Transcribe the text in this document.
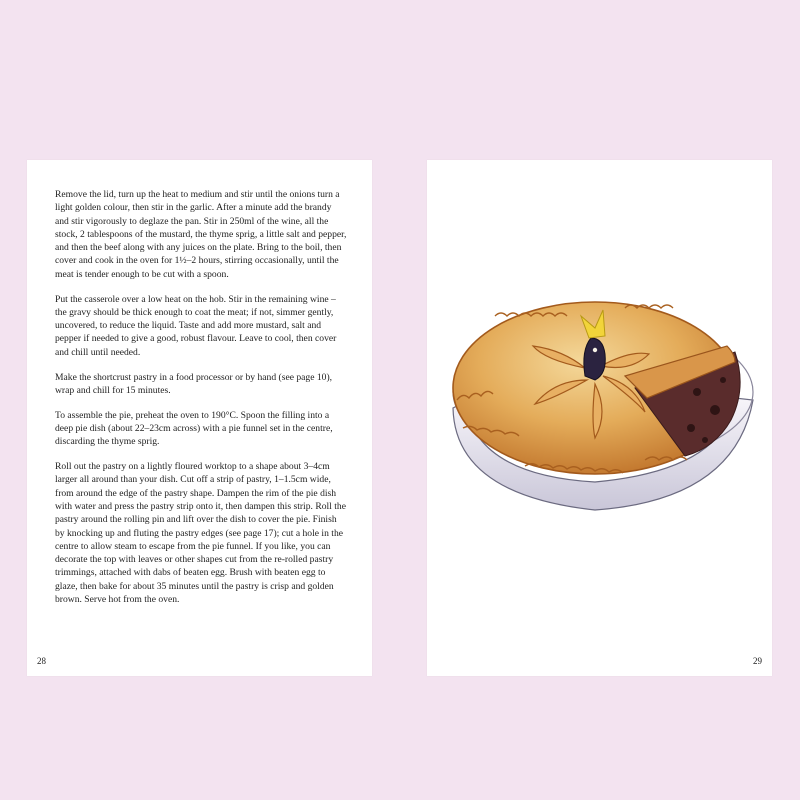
Remove the lid, turn up the heat to medium and stir until the onions turn a light golden colour, then stir in the garlic. After a minute add the brandy and stir vigorously to deglaze the pan. Stir in 250ml of the wine, all the stock, 2 tablespoons of the mustard, the thyme sprig, a little salt and pepper, and then the beef along with any juices on the plate. Bring to the boil, then cover and cook in the oven for 1½–2 hours, stirring occasionally, until the meat is tender enough to be cut with a spoon.

Put the casserole over a low heat on the hob. Stir in the remaining wine – the gravy should be thick enough to coat the meat; if not, simmer gently, uncovered, to reduce the liquid. Taste and add more mustard, salt and pepper if needed to give a good, robust flavour. Leave to cool, then cover and chill until needed.

Make the shortcrust pastry in a food processor or by hand (see page 10), wrap and chill for 15 minutes.

To assemble the pie, preheat the oven to 190°C. Spoon the filling into a deep pie dish (about 22–23cm across) with a pie funnel set in the centre, discarding the thyme sprig.

Roll out the pastry on a lightly floured worktop to a shape about 3–4cm larger all around than your dish. Cut off a strip of pastry, 1–1.5cm wide, from around the edge of the pastry shape. Dampen the rim of the pie dish with water and press the pastry strip onto it, then dampen this strip. Roll the pastry around the rolling pin and lift over the dish to cover the pie. Finish by knocking up and fluting the pastry edges (see page 17); cut a hole in the centre to allow steam to escape from the pie funnel. If you like, you can decorate the top with leaves or other shapes cut from the re-rolled pastry trimmings, attached with dabs of beaten egg. Brush with beaten egg to glaze, then bake for about 35 minutes until the pastry is crisp and golden brown. Serve hot from the oven.

28	29
